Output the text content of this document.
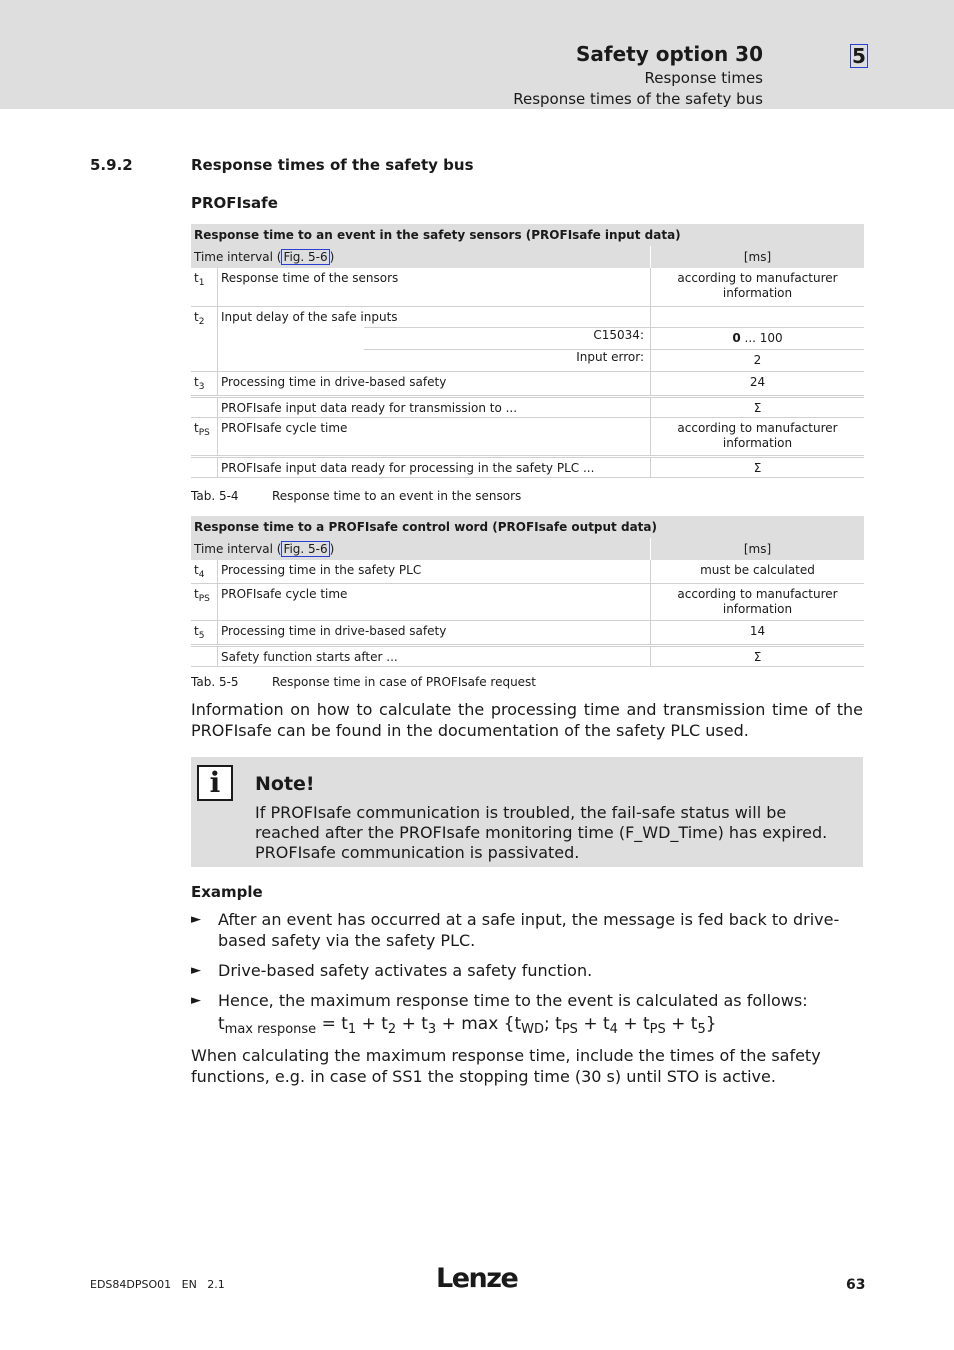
Safety option 30
Response times
Response times of the safety bus
5
5.9.2	Response times of the safety bus
PROFIsafe
Response time to an event in the safety sensors (PROFIsafe input data)			
Time interval ( Fig. 5-6 )			[ms]
$t_1$	Response time of the sensors		according to manufacturer information
$t_2$	Input delay of the safe inputs		
		C15034:	0 ... 100
		Input error:	2
$t_3$	Processing time in drive-based safety		24
	PROFIsafe input data ready for transmission to ...		Σ
$t_{PS}$	PROFIsafe cycle time		according to manufacturer information
	PROFIsafe input data ready for processing in the safety PLC ...		Σ
Tab. 5-4	Response time to an event in the sensors
Response time to a PROFIsafe control word (PROFIsafe output data)		
Time interval ( Fig. 5-6 )		[ms]
$t_4$	Processing time in the safety PLC	must be calculated
$t_{PS}$	PROFIsafe cycle time	according to manufacturer information
$t_5$	Processing time in drive-based safety	14
	Safety function starts after ...	Σ
Tab. 5-5	Response time in case of PROFIsafe request
Information on how to calculate the processing time and transmission time of the PROFIsafe can be found in the documentation of the safety PLC used.
i	Note!
If PROFIsafe communication is troubled, the fail-safe status will be reached after the PROFIsafe monitoring time (F_WD_Time) has expired. PROFIsafe communication is passivated.
Example
► After an event has occurred at a safe input, the message is fed back to drive-based safety via the safety PLC.
► Drive-based safety activates a safety function.
► Hence, the maximum response time to the event is calculated as follows:
$t_{max response} = t_1 + t_2 + t_3 + \max \{t_{WD}$; $t_{PS} + t_4 + t_{PS} + t_5$}
When calculating the maximum response time, include the times of the safety functions, e.g. in case of SS1 the stopping time (30 s) until STO is active.
EDS84DPSO01   EN   2.1	Lenze	63
